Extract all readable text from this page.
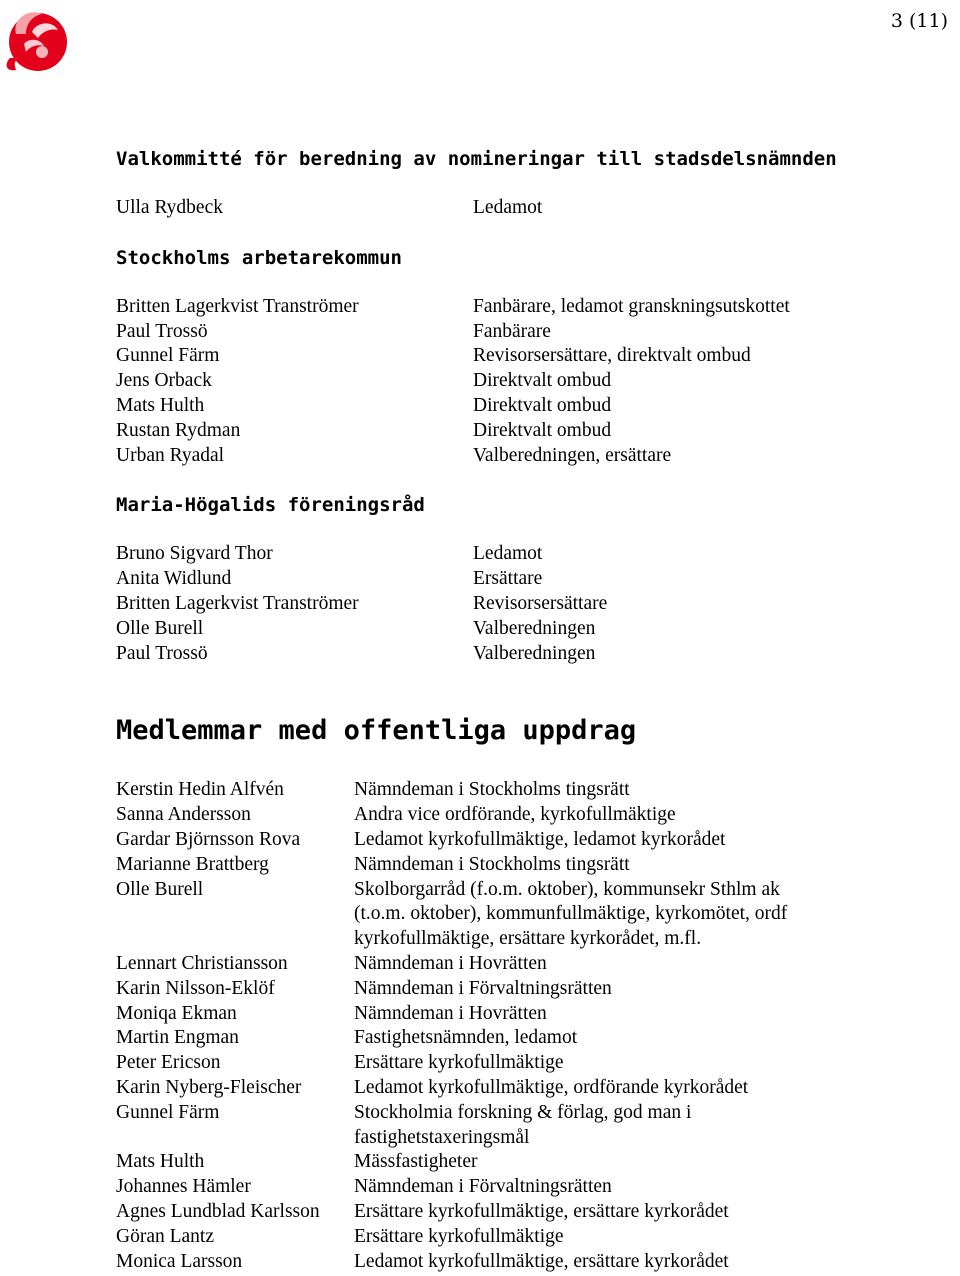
3 (11)
Valkommitté för beredning av nomineringar till stadsdelsnämnden
Ulla Rydbeck	Ledamot
Stockholms arbetarekommun
Britten Lagerkvist Tranströmer	Fanbärare, ledamot granskningsutskottet
Paul Trossö	Fanbärare
Gunnel Färm	Revisorsersättare, direktvalt ombud
Jens Orback	Direktvalt ombud
Mats Hulth	Direktvalt ombud
Rustan Rydman	Direktvalt ombud
Urban Ryadal	Valberedningen, ersättare
Maria-Högalids föreningsråd
Bruno Sigvard Thor	Ledamot
Anita Widlund	Ersättare
Britten Lagerkvist Tranströmer	Revisorsersättare
Olle Burell	Valberedningen
Paul Trossö	Valberedningen
Medlemmar med offentliga uppdrag
Kerstin Hedin Alfvén	Nämndeman i Stockholms tingsrätt
Sanna Andersson	Andra vice ordförande, kyrkofullmäktige
Gardar Björnsson Rova	Ledamot kyrkofullmäktige, ledamot kyrkorådet
Marianne Brattberg	Nämndeman i Stockholms tingsrätt
Olle Burell	Skolborgarråd (f.o.m. oktober), kommunsekr Sthlm ak
(t.o.m. oktober), kommunfullmäktige, kyrkomötet, ordf
kyrkofullmäktige, ersättare kyrkorådet, m.fl.
Lennart Christiansson	Nämndeman i Hovrätten
Karin Nilsson-Eklöf	Nämndeman i Förvaltningsrätten
Moniqa Ekman	Nämndeman i Hovrätten
Martin Engman	Fastighetsnämnden, ledamot
Peter Ericson	Ersättare kyrkofullmäktige
Karin Nyberg-Fleischer	Ledamot kyrkofullmäktige, ordförande kyrkorådet
Gunnel Färm	Stockholmia forskning & förlag, god man i
fastighetstaxeringsmål
Mats Hulth	Mässfastigheter
Johannes Hämler	Nämndeman i Förvaltningsrätten
Agnes Lundblad Karlsson	Ersättare kyrkofullmäktige, ersättare kyrkorådet
Göran Lantz	Ersättare kyrkofullmäktige
Monica Larsson	Ledamot kyrkofullmäktige, ersättare kyrkorådet
